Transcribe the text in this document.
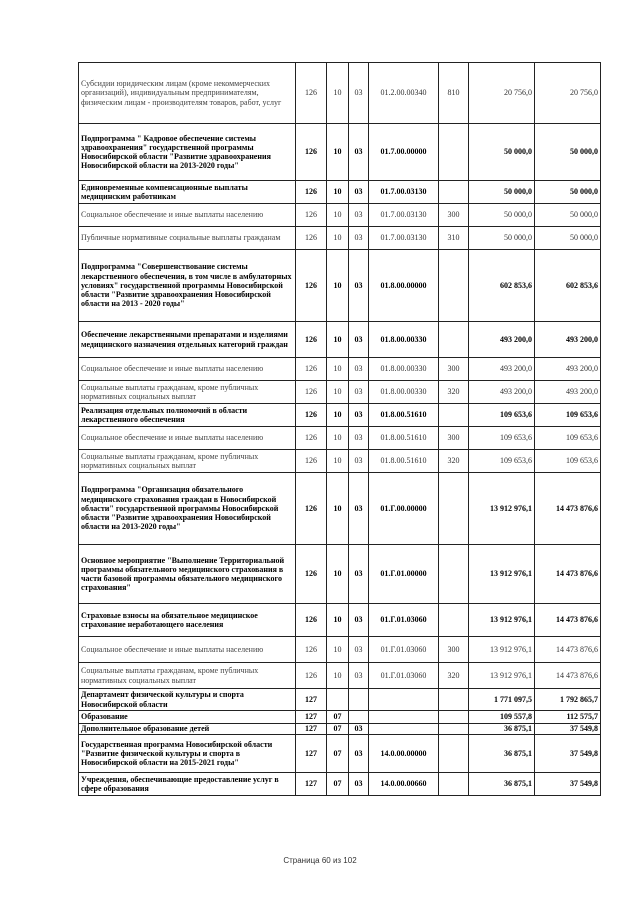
Субсидии юридическим лицам (кроме некоммерческих организаций), индивидуальным предпринимателям, физическим лицам - производителям товаров, работ, услуг	126	10	03	01.2.00.00340	810	20 756,0	20 756,0
Подпрограмма " Кадровое обеспечение системы здравоохранения" государственной программы Новосибирской области "Развитие здравоохранения Новосибирской области на 2013-2020 годы"	126	10	03	01.7.00.00000		50 000,0	50 000,0
Единовременные компенсационные выплаты медицинским работникам	126	10	03	01.7.00.03130		50 000,0	50 000,0
Социальное обеспечение и иные выплаты населению	126	10	03	01.7.00.03130	300	50 000,0	50 000,0
Публичные нормативные социальные выплаты гражданам	126	10	03	01.7.00.03130	310	50 000,0	50 000,0
Подпрограмма "Совершенствование системы лекарственного обеспечения, в том числе в амбулаторных условиях" государственной программы Новосибирской области "Развитие здравоохранения Новосибирской области на 2013 - 2020 годы"	126	10	03	01.8.00.00000		602 853,6	602 853,6
Обеспечение лекарственными препаратами и изделиями медицинского назначения отдельных категорий граждан	126	10	03	01.8.00.00330		493 200,0	493 200,0
Социальное обеспечение и иные выплаты населению	126	10	03	01.8.00.00330	300	493 200,0	493 200,0
Социальные выплаты гражданам, кроме публичных нормативных социальных выплат	126	10	03	01.8.00.00330	320	493 200,0	493 200,0
Реализация отдельных полномочий в области лекарственного обеспечения	126	10	03	01.8.00.51610		109 653,6	109 653,6
Социальное обеспечение и иные выплаты населению	126	10	03	01.8.00.51610	300	109 653,6	109 653,6
Социальные выплаты гражданам, кроме публичных нормативных социальных выплат	126	10	03	01.8.00.51610	320	109 653,6	109 653,6
Подпрограмма "Организация обязательного медицинского страхования граждан в Новосибирской области" государственной программы Новосибирской области "Развитие здравоохранения Новосибирской области на 2013-2020 годы"	126	10	03	01.Г.00.00000		13 912 976,1	14 473 876,6
Основное мероприятие "Выполнение Территориальной программы обязательного медицинского страхования в части базовой программы обязательного медицинского страхования"	126	10	03	01.Г.01.00000		13 912 976,1	14 473 876,6
Страховые взносы на обязательное медицинское страхование неработающего населения	126	10	03	01.Г.01.03060		13 912 976,1	14 473 876,6
Социальное обеспечение и иные выплаты населению	126	10	03	01.Г.01.03060	300	13 912 976,1	14 473 876,6
Социальные выплаты гражданам, кроме публичных нормативных социальных выплат	126	10	03	01.Г.01.03060	320	13 912 976,1	14 473 876,6
Департамент физической культуры и спорта Новосибирской области	127					1 771 097,5	1 792 865,7
Образование	127	07				109 557,8	112 575,7
Дополнительное образование детей	127	07	03			36 875,1	37 549,8
Государственная программа Новосибирской области "Развитие физической культуры и спорта в Новосибирской области на 2015-2021 годы"	127	07	03	14.0.00.00000		36 875,1	37 549,8
Учреждения, обеспечивающие предоставление услуг в сфере образования	127	07	03	14.0.00.00660		36 875,1	37 549,8
Страница 60 из 102
